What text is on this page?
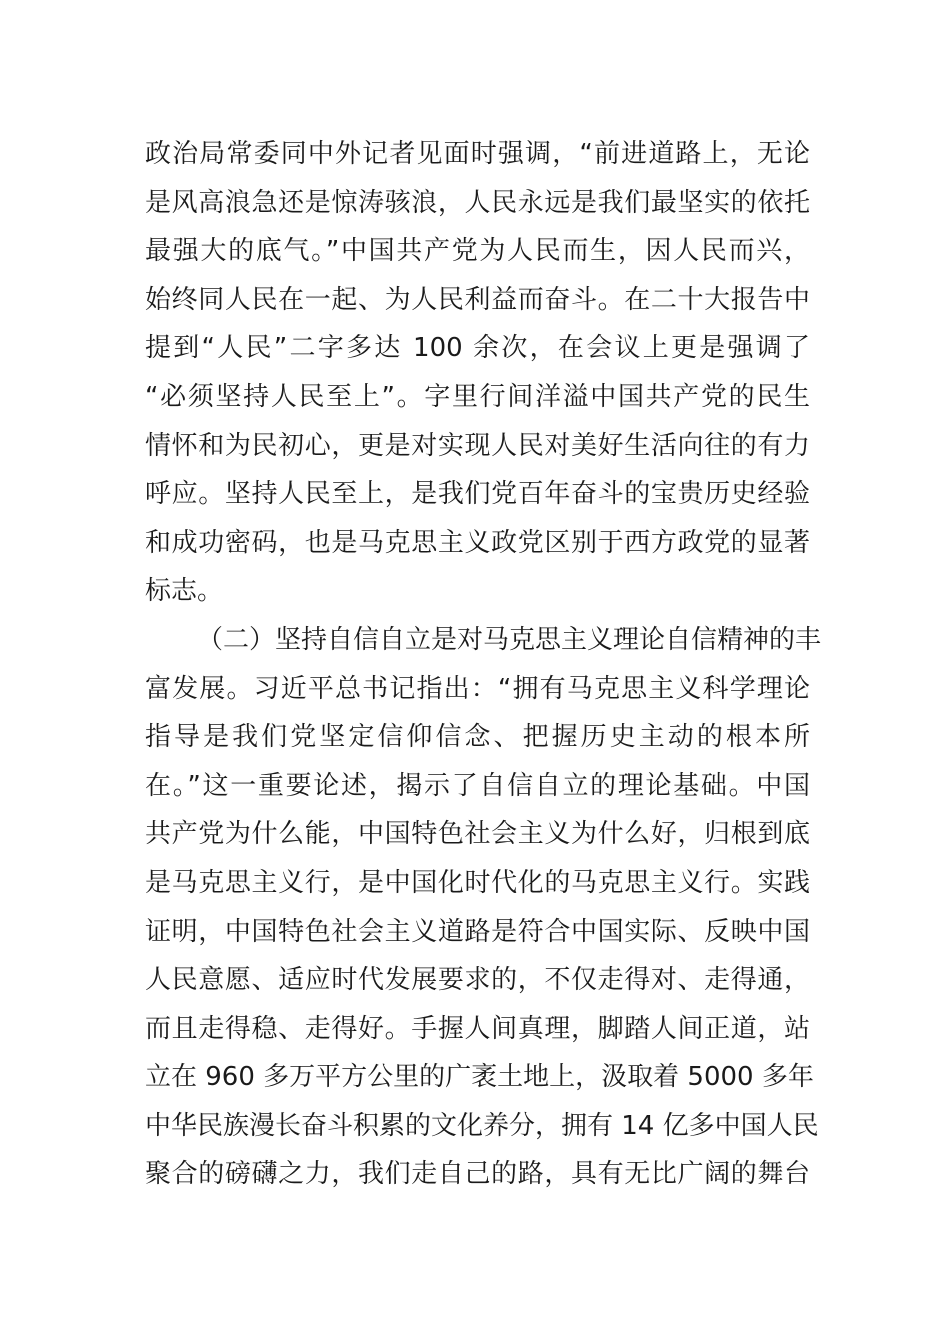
政治局常委同中外记者见面时强调，“前进道路上，无论
是风高浪急还是惊涛骇浪，人民永远是我们最坚实的依托
最强大的底气。”中国共产党为人民而生，因人民而兴，
始终同人民在一起、为人民利益而奋斗。在二十大报告中
提到“人民”二字多达 100 余次，在会议上更是强调了
“必须坚持人民至上”。字里行间洋溢中国共产党的民生
情怀和为民初心，更是对实现人民对美好生活向往的有力
呼应。坚持人民至上，是我们党百年奋斗的宝贵历史经验
和成功密码，也是马克思主义政党区别于西方政党的显著
标志。
（二）坚持自信自立是对马克思主义理论自信精神的丰
富发展。习近平总书记指出：“拥有马克思主义科学理论
指导是我们党坚定信仰信念、把握历史主动的根本所
在。”这一重要论述，揭示了自信自立的理论基础。中国
共产党为什么能，中国特色社会主义为什么好，归根到底
是马克思主义行，是中国化时代化的马克思主义行。实践
证明，中国特色社会主义道路是符合中国实际、反映中国
人民意愿、适应时代发展要求的，不仅走得对、走得通，
而且走得稳、走得好。手握人间真理，脚踏人间正道，站
立在 960 多万平方公里的广袤土地上，汲取着 5000 多年
中华民族漫长奋斗积累的文化养分，拥有 14 亿多中国人民
聚合的磅礴之力，我们走自己的路，具有无比广阔的舞台
